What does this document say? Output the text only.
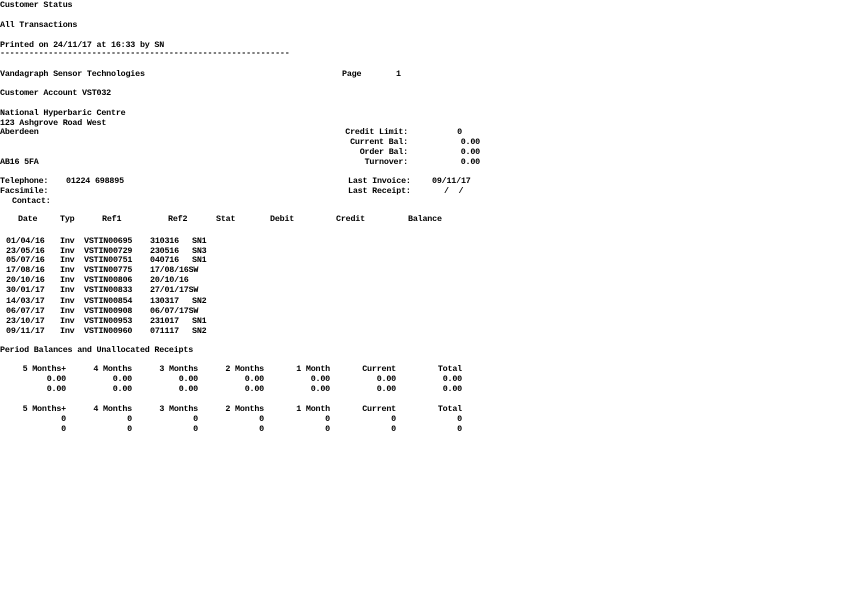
Customer Status
All Transactions
Printed on 24/11/17 at 16:33 by SN
------------------------------------------------------------
Vandagraph Sensor Technologies	Page	1
Customer Account VST032
National Hyperbaric Centre
123 Ashgrove Road West
Aberdeen
AB16 5FA
Credit Limit:	0
Current Bal:	0.00
Order Bal:	0.00
Turnover:	0.00
Telephone: 01224 698895
Facsimile:
Contact:
Last Invoice:	09/11/17
Last Receipt:	/  /
Date	Typ	Ref1	Ref2	Stat	Debit	Credit	Balance
01/04/16 Inv VSTIN00695 310316 SN1
23/05/16 Inv VSTIN00729 230516 SN3
05/07/16 Inv VSTIN00751 040716 SN1
17/08/16 Inv VSTIN00775 17/08/16SW
20/10/16 Inv VSTIN00806 20/10/16
30/01/17 Inv VSTIN00833 27/01/17SW
14/03/17 Inv VSTIN00854 130317 SN2
06/07/17 Inv VSTIN00908 06/07/17SW
23/10/17 Inv VSTIN00953 231017 SN1
09/11/17 Inv VSTIN00960 071117 SN2
Period Balances and Unallocated Receipts
5 Months+	4 Months	3 Months	2 Months	1 Month	Current	Total
0.00	0.00	0.00	0.00	0.00	0.00	0.00
0.00	0.00	0.00	0.00	0.00	0.00	0.00
5 Months+	4 Months	3 Months	2 Months	1 Month	Current	Total
0	0	0	0	0	0	0
0	0	0	0	0	0	0
